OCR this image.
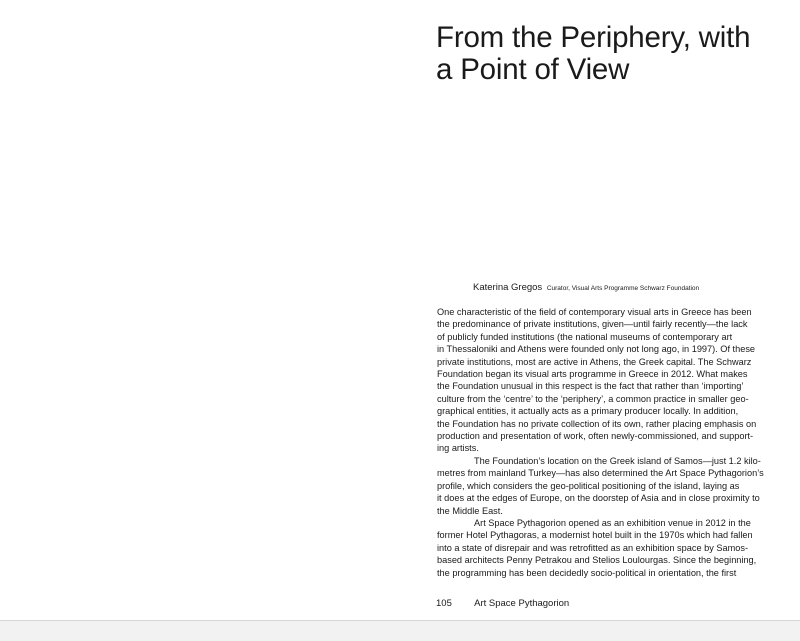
From the Periphery, with
a Point of View
Katerina Gregos Curator, Visual Arts Programme Schwarz Foundation
One characteristic of the field of contemporary visual arts in Greece has been
the predominance of private institutions, given—until fairly recently—the lack
of publicly funded institutions (the national museums of contemporary art
in Thessaloniki and Athens were founded only not long ago, in 1997). Of these
private institutions, most are active in Athens, the Greek capital. The Schwarz
Foundation began its visual arts programme in Greece in 2012. What makes
the Foundation unusual in this respect is the fact that rather than ‘importing’
culture from the ‘centre’ to the ‘periphery’, a common practice in smaller geo-
graphical entities, it actually acts as a primary producer locally. In addition,
the Foundation has no private collection of its own, rather placing emphasis on
production and presentation of work, often newly-commissioned, and support-
ing artists.
The Foundation’s location on the Greek island of Samos—just 1.2 kilo-
metres from mainland Turkey—has also determined the Art Space Pythagorion’s
profile, which considers the geo-political positioning of the island, laying as
it does at the edges of Europe, on the doorstep of Asia and in close proximity to
the Middle East.
Art Space Pythagorion opened as an exhibition venue in 2012 in the
former Hotel Pythagoras, a modernist hotel built in the 1970s which had fallen
into a state of disrepair and was retrofitted as an exhibition space by Samos-
based architects Penny Petrakou and Stelios Loulourgas. Since the beginning,
the programming has been decidedly socio-political in orientation, the first
105 Art Space Pythagorion
